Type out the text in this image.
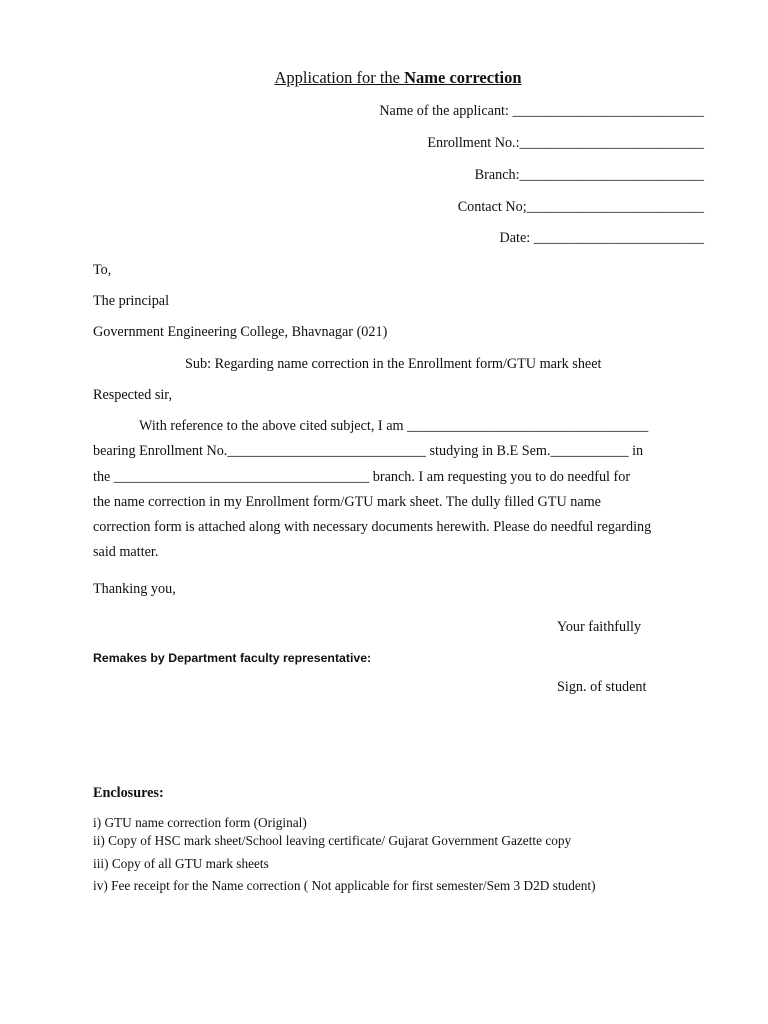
Application for the Name correction
Name of the applicant: ___________________________
Enrollment No.:__________________________
Branch:__________________________
Contact No;_________________________
Date: ________________________
To,
The principal
Government Engineering College, Bhavnagar (021)
Sub: Regarding name correction in the Enrollment form/GTU mark sheet
Respected sir,
With reference to the above cited subject, I am __________________________________
bearing Enrollment No.____________________________ studying in B.E Sem.___________ in
the ____________________________________ branch. I am requesting you to do needful for
the name correction in my Enrollment form/GTU mark sheet. The dully filled GTU name
correction form is attached along with necessary documents herewith. Please do needful regarding
said matter.
Thanking you,
Your faithfully
Remakes by Department faculty representative:
Sign. of student
Enclosures:
i) GTU name correction form (Original)
ii) Copy of HSC mark sheet/School leaving certificate/ Gujarat Government Gazette copy
iii) Copy of all GTU mark sheets
iv) Fee receipt for the Name correction ( Not applicable for first semester/Sem 3 D2D student)
